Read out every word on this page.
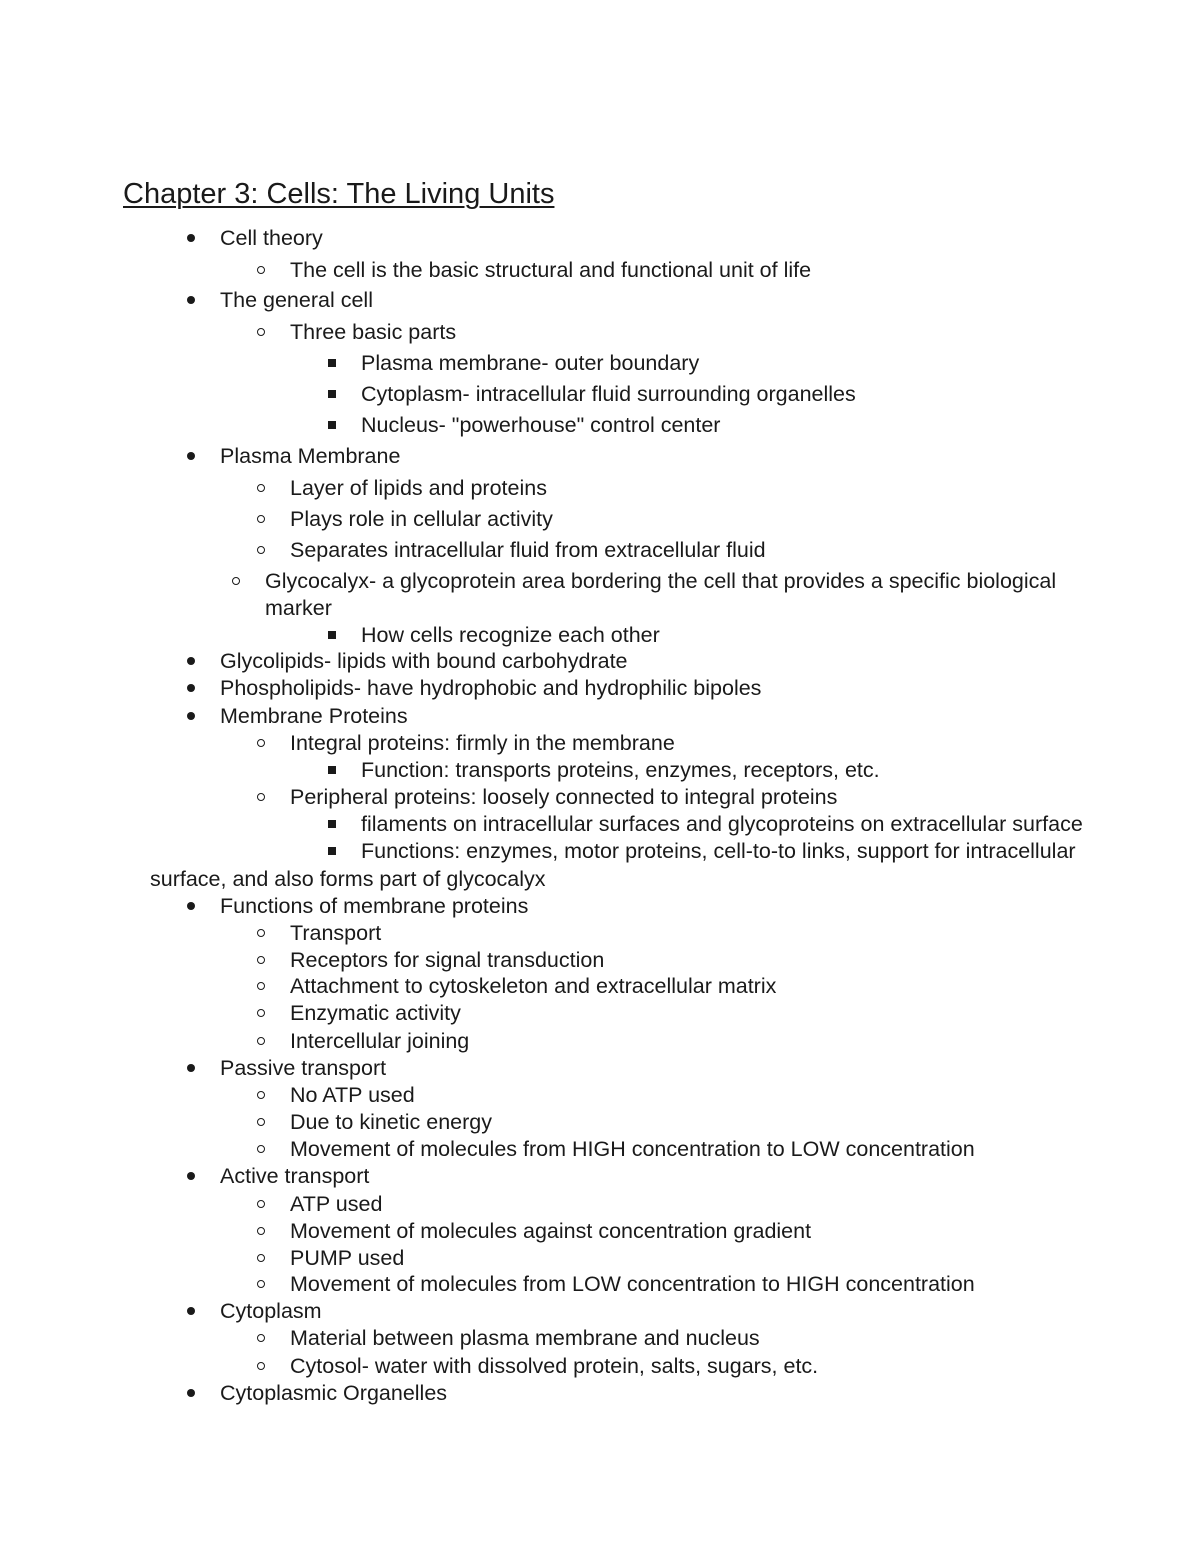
Chapter 3: Cells: The Living Units
Cell theory
The cell is the basic structural and functional unit of life
The general cell
Three basic parts
Plasma membrane- outer boundary
Cytoplasm- intracellular fluid surrounding organelles
Nucleus- "powerhouse" control center
Plasma Membrane
Layer of lipids and proteins
Plays role in cellular activity
Separates intracellular fluid from extracellular fluid
Glycocalyx- a glycoprotein area bordering the cell that provides a specific biological
marker
How cells recognize each other
Glycolipids- lipids with bound carbohydrate
Phospholipids- have hydrophobic and hydrophilic bipoles
Membrane Proteins
Integral proteins: firmly in the membrane
Function: transports proteins, enzymes, receptors, etc.
Peripheral proteins: loosely connected to integral proteins
filaments on intracellular surfaces and glycoproteins on extracellular surface
Functions: enzymes, motor proteins, cell-to-to links, support for intracellular
surface, and also forms part of glycocalyx
Functions of membrane proteins
Transport
Receptors for signal transduction
Attachment to cytoskeleton and extracellular matrix
Enzymatic activity
Intercellular joining
Passive transport
No ATP used
Due to kinetic energy
Movement of molecules from HIGH concentration to LOW concentration
Active transport
ATP used
Movement of molecules against concentration gradient
PUMP used
Movement of molecules from LOW concentration to HIGH concentration
Cytoplasm
Material between plasma membrane and nucleus
Cytosol- water with dissolved protein, salts, sugars, etc.
Cytoplasmic Organelles
